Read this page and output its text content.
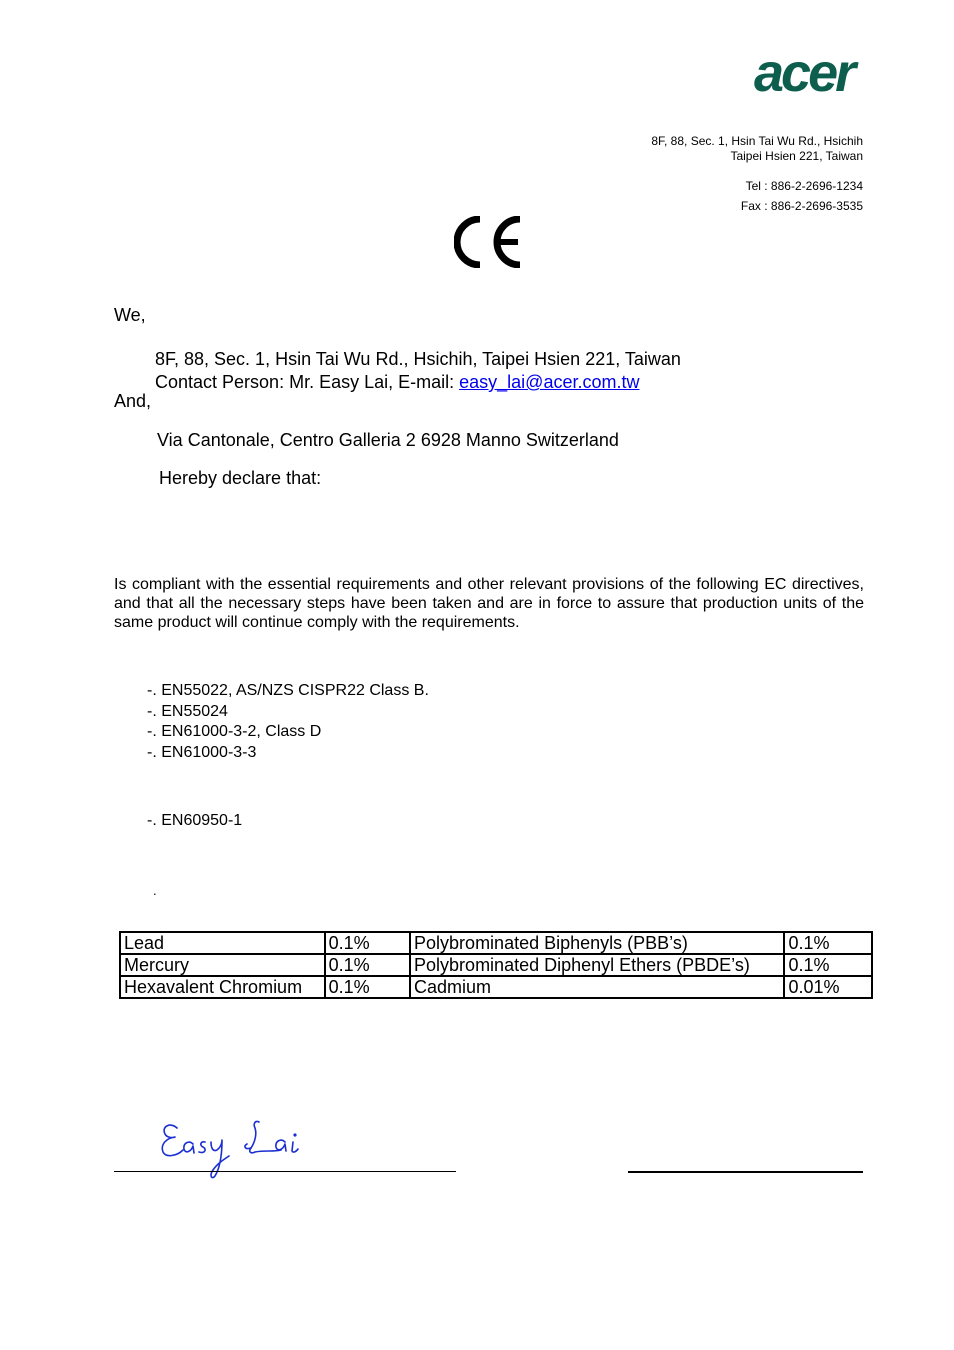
acer
8F, 88, Sec. 1, Hsin Tai Wu Rd., Hsichih
Taipei Hsien 221, Taiwan
Tel : 886-2-2696-1234
Fax : 886-2-2696-3535
We,
8F, 88, Sec. 1, Hsin Tai Wu Rd., Hsichih, Taipei Hsien 221, Taiwan
Contact Person: Mr. Easy Lai, E-mail: easy_lai@acer.com.tw
And,
Via Cantonale, Centro Galleria 2 6928 Manno Switzerland
Hereby declare that:
Is compliant with the essential requirements and other relevant provisions of the following EC directives, and that all the necessary steps have been taken and are in force to assure that production units of the same product will continue comply with the requirements.
-. EN55022, AS/NZS CISPR22 Class B.
-. EN55024
-. EN61000-3-2, Class D
-. EN61000-3-3
-. EN60950-1
.
Lead	0.1%	Polybrominated Biphenyls (PBB’s)	0.1%
Mercury	0.1%	Polybrominated Diphenyl Ethers (PBDE’s)	0.1%
Hexavalent Chromium	0.1%	Cadmium	0.01%
